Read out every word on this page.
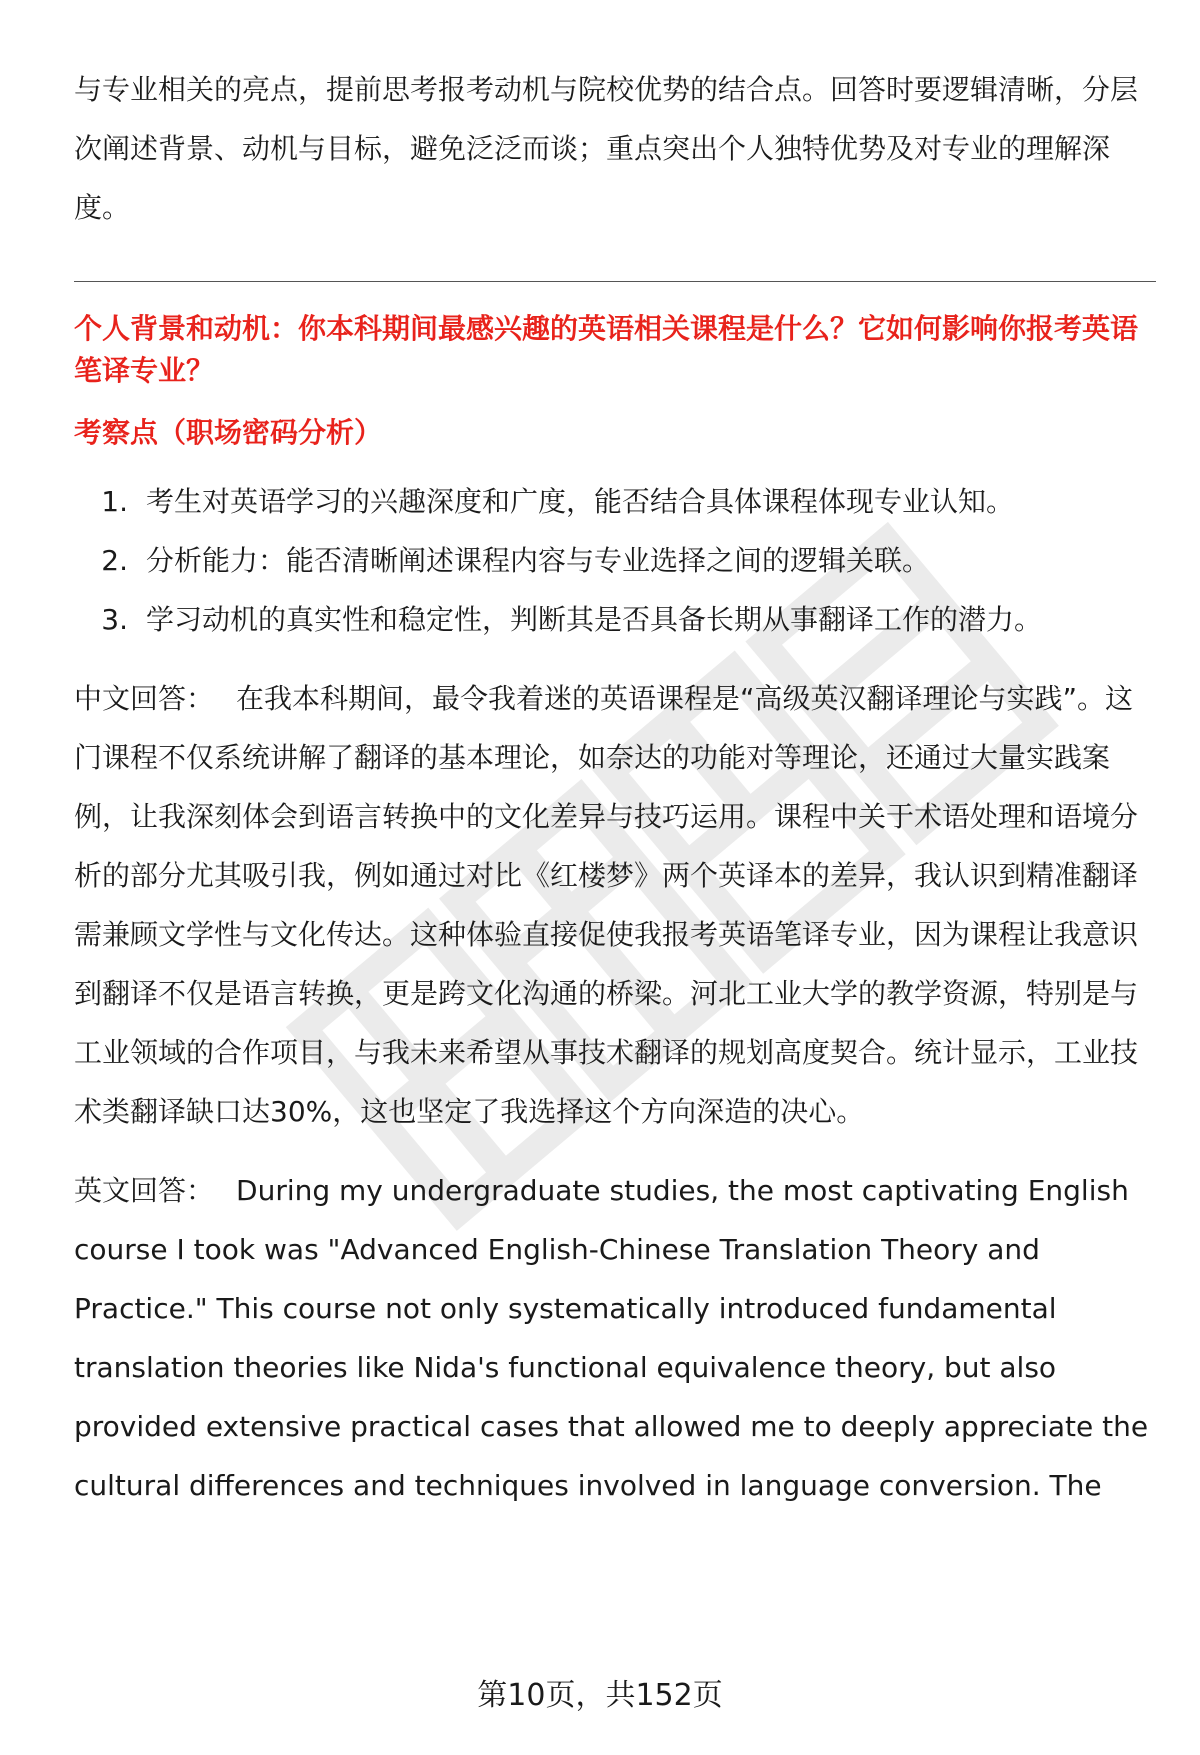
与专业相关的亮点，提前思考报考动机与院校优势的结合点。回答时要逻辑清晰，分层次阐述背景、动机与目标，避免泛泛而谈；重点突出个人独特优势及对专业的理解深度。

个人背景和动机：你本科期间最感兴趣的英语相关课程是什么？它如何影响你报考英语笔译专业？

考察点（职场密码分析）

1. 考生对英语学习的兴趣深度和广度，能否结合具体课程体现专业认知。
2. 分析能力：能否清晰阐述课程内容与专业选择之间的逻辑关联。
3. 学习动机的真实性和稳定性，判断其是否具备长期从事翻译工作的潜力。

中文回答： 在我本科期间，最令我着迷的英语课程是“高级英汉翻译理论与实践”。这门课程不仅系统讲解了翻译的基本理论，如奈达的功能对等理论，还通过大量实践案例，让我深刻体会到语言转换中的文化差异与技巧运用。课程中关于术语处理和语境分析的部分尤其吸引我，例如通过对比《红楼梦》两个英译本的差异，我认识到精准翻译需兼顾文学性与文化传达。这种体验直接促使我报考英语笔译专业，因为课程让我意识到翻译不仅是语言转换，更是跨文化沟通的桥梁。河北工业大学的教学资源，特别是与工业领域的合作项目，与我未来希望从事技术翻译的规划高度契合。统计显示，工业技术类翻译缺口达30%，这也坚定了我选择这个方向深造的决心。

英文回答： During my undergraduate studies, the most captivating English course I took was "Advanced English-Chinese Translation Theory and Practice." This course not only systematically introduced fundamental translation theories like Nida's functional equivalence theory, but also provided extensive practical cases that allowed me to deeply appreciate the cultural differences and techniques involved in language conversion. The

第10页，共152页
